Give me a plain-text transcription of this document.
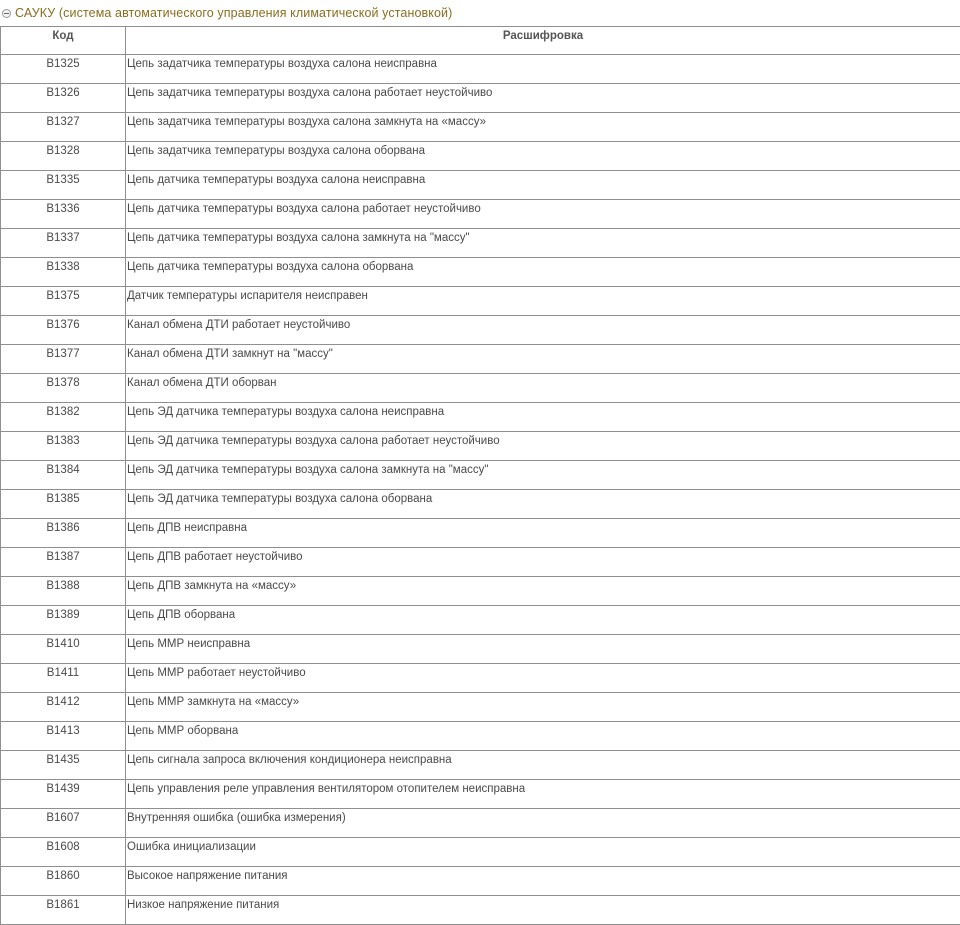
САУКУ (система автоматического управления климатической установкой)
Код	Расшифровка
B1325	Цепь задатчика температуры воздуха салона неисправна
B1326	Цепь задатчика температуры воздуха салона работает неустойчиво
B1327	Цепь задатчика температуры воздуха салона замкнута на «массу»
B1328	Цепь задатчика температуры воздуха салона оборвана
B1335	Цепь датчика температуры воздуха салона неисправна
B1336	Цепь датчика температуры воздуха салона работает неустойчиво
B1337	Цепь датчика температуры воздуха салона замкнута на "массу"
B1338	Цепь датчика температуры воздуха салона оборвана
B1375	Датчик температуры испарителя неисправен
B1376	Канал обмена ДТИ работает неустойчиво
B1377	Канал обмена ДТИ замкнут на "массу"
B1378	Канал обмена ДТИ оборван
B1382	Цепь ЭД датчика температуры воздуха салона неисправна
B1383	Цепь ЭД датчика температуры воздуха салона работает неустойчиво
B1384	Цепь ЭД датчика температуры воздуха салона замкнута на "массу"
B1385	Цепь ЭД датчика температуры воздуха салона оборвана
B1386	Цепь ДПВ неисправна
B1387	Цепь ДПВ работает неустойчиво
B1388	Цепь ДПВ замкнута на «массу»
B1389	Цепь ДПВ оборвана
B1410	Цепь ММР неисправна
B1411	Цепь ММР работает неустойчиво
B1412	Цепь ММР замкнута на «массу»
B1413	Цепь ММР оборвана
B1435	Цепь сигнала запроса включения кондиционера неисправна
B1439	Цепь управления реле управления вентилятором отопителем неисправна
B1607	Внутренняя ошибка (ошибка измерения)
B1608	Ошибка инициализации
B1860	Высокое напряжение питания
B1861	Низкое напряжение питания
